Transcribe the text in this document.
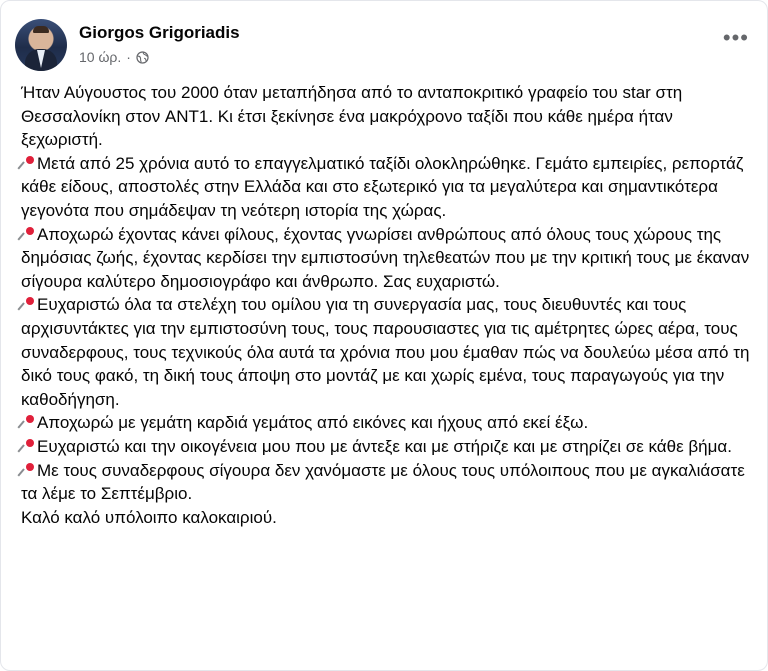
Giorgos Grigoriadis
10 ώρ. ·
•••

Ήταν Αύγουστος του 2000 όταν μεταπήδησα από το ανταποκριτικό γραφείο του star στη Θεσσαλονίκη στον ANT1. Κι έτσι ξεκίνησε ένα μακρόχρονο ταξίδι που κάθε ημέρα ήταν ξεχωριστή.

Μετά από 25 χρόνια αυτό το επαγγελματικό ταξίδι ολοκληρώθηκε. Γεμάτο εμπειρίες, ρεπορτάζ κάθε είδους, αποστολές στην Ελλάδα και στο εξωτερικό για τα μεγαλύτερα και σημαντικότερα γεγονότα που σημάδεψαν τη νεότερη ιστορία της χώρας.

Αποχωρώ έχοντας κάνει φίλους, έχοντας γνωρίσει ανθρώπους από όλους τους χώρους της δημόσιας ζωής, έχοντας κερδίσει την εμπιστοσύνη τηλεθεατών που με την κριτική τους με έκαναν σίγουρα καλύτερο δημοσιογράφο και άνθρωπο. Σας ευχαριστώ.

Ευχαριστώ όλα τα στελέχη του ομίλου για τη συνεργασία μας, τους διευθυντές και τους αρχισυντάκτες για την εμπιστοσύνη τους, τους παρουσιαστες για τις αμέτρητες ώρες αέρα, τους συναδερφους, τους τεχνικούς όλα αυτά τα χρόνια που μου έμαθαν πώς να δουλεύω μέσα από τη δικό τους φακό, τη δική τους άποψη στο μοντάζ με και χωρίς εμένα, τους παραγωγούς για την καθοδήγηση.

Αποχωρώ με γεμάτη καρδιά γεμάτος από εικόνες και ήχους από εκεί έξω.

Ευχαριστώ και την οικογένεια μου που με άντεξε και με στήριζε και με στηρίζει σε κάθε βήμα.

Με τους συναδερφους σίγουρα δεν χανόμαστε με όλους τους υπόλοιπους που με αγκαλιάσατε τα λέμε το Σεπτέμβριο.

Καλό καλό υπόλοιπο καλοκαιριού.
